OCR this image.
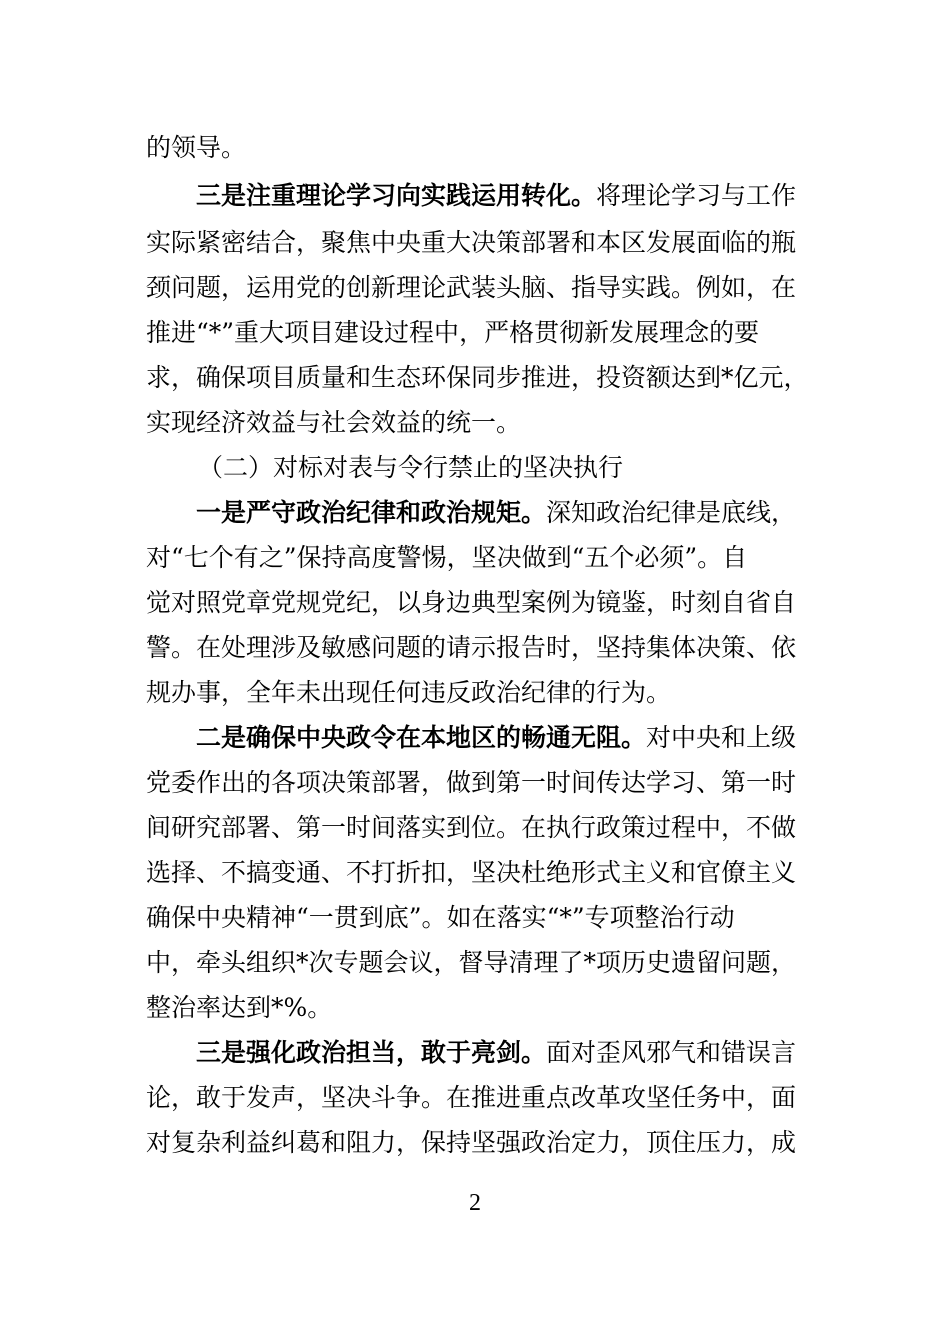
的领导。
三是注重理论学习向实践运用转化。将理论学习与工作
实际紧密结合，聚焦中央重大决策部署和本区发展面临的瓶
颈问题，运用党的创新理论武装头脑、指导实践。例如，在
推进“*”重大项目建设过程中，严格贯彻新发展理念的要
求，确保项目质量和生态环保同步推进，投资额达到*亿元，
实现经济效益与社会效益的统一。
（二）对标对表与令行禁止的坚决执行
一是严守政治纪律和政治规矩。深知政治纪律是底线，
对“七个有之”保持高度警惕，坚决做到“五个必须”。自
觉对照党章党规党纪，以身边典型案例为镜鉴，时刻自省自
警。在处理涉及敏感问题的请示报告时，坚持集体决策、依
规办事，全年未出现任何违反政治纪律的行为。
二是确保中央政令在本地区的畅通无阻。对中央和上级
党委作出的各项决策部署，做到第一时间传达学习、第一时
间研究部署、第一时间落实到位。在执行政策过程中，不做
选择、不搞变通、不打折扣，坚决杜绝形式主义和官僚主义
确保中央精神“一贯到底”。如在落实“*”专项整治行动
中，牵头组织*次专题会议，督导清理了*项历史遗留问题，
整治率达到*%。
三是强化政治担当，敢于亮剑。面对歪风邪气和错误言
论，敢于发声，坚决斗争。在推进重点改革攻坚任务中，面
对复杂利益纠葛和阻力，保持坚强政治定力，顶住压力，成
2
